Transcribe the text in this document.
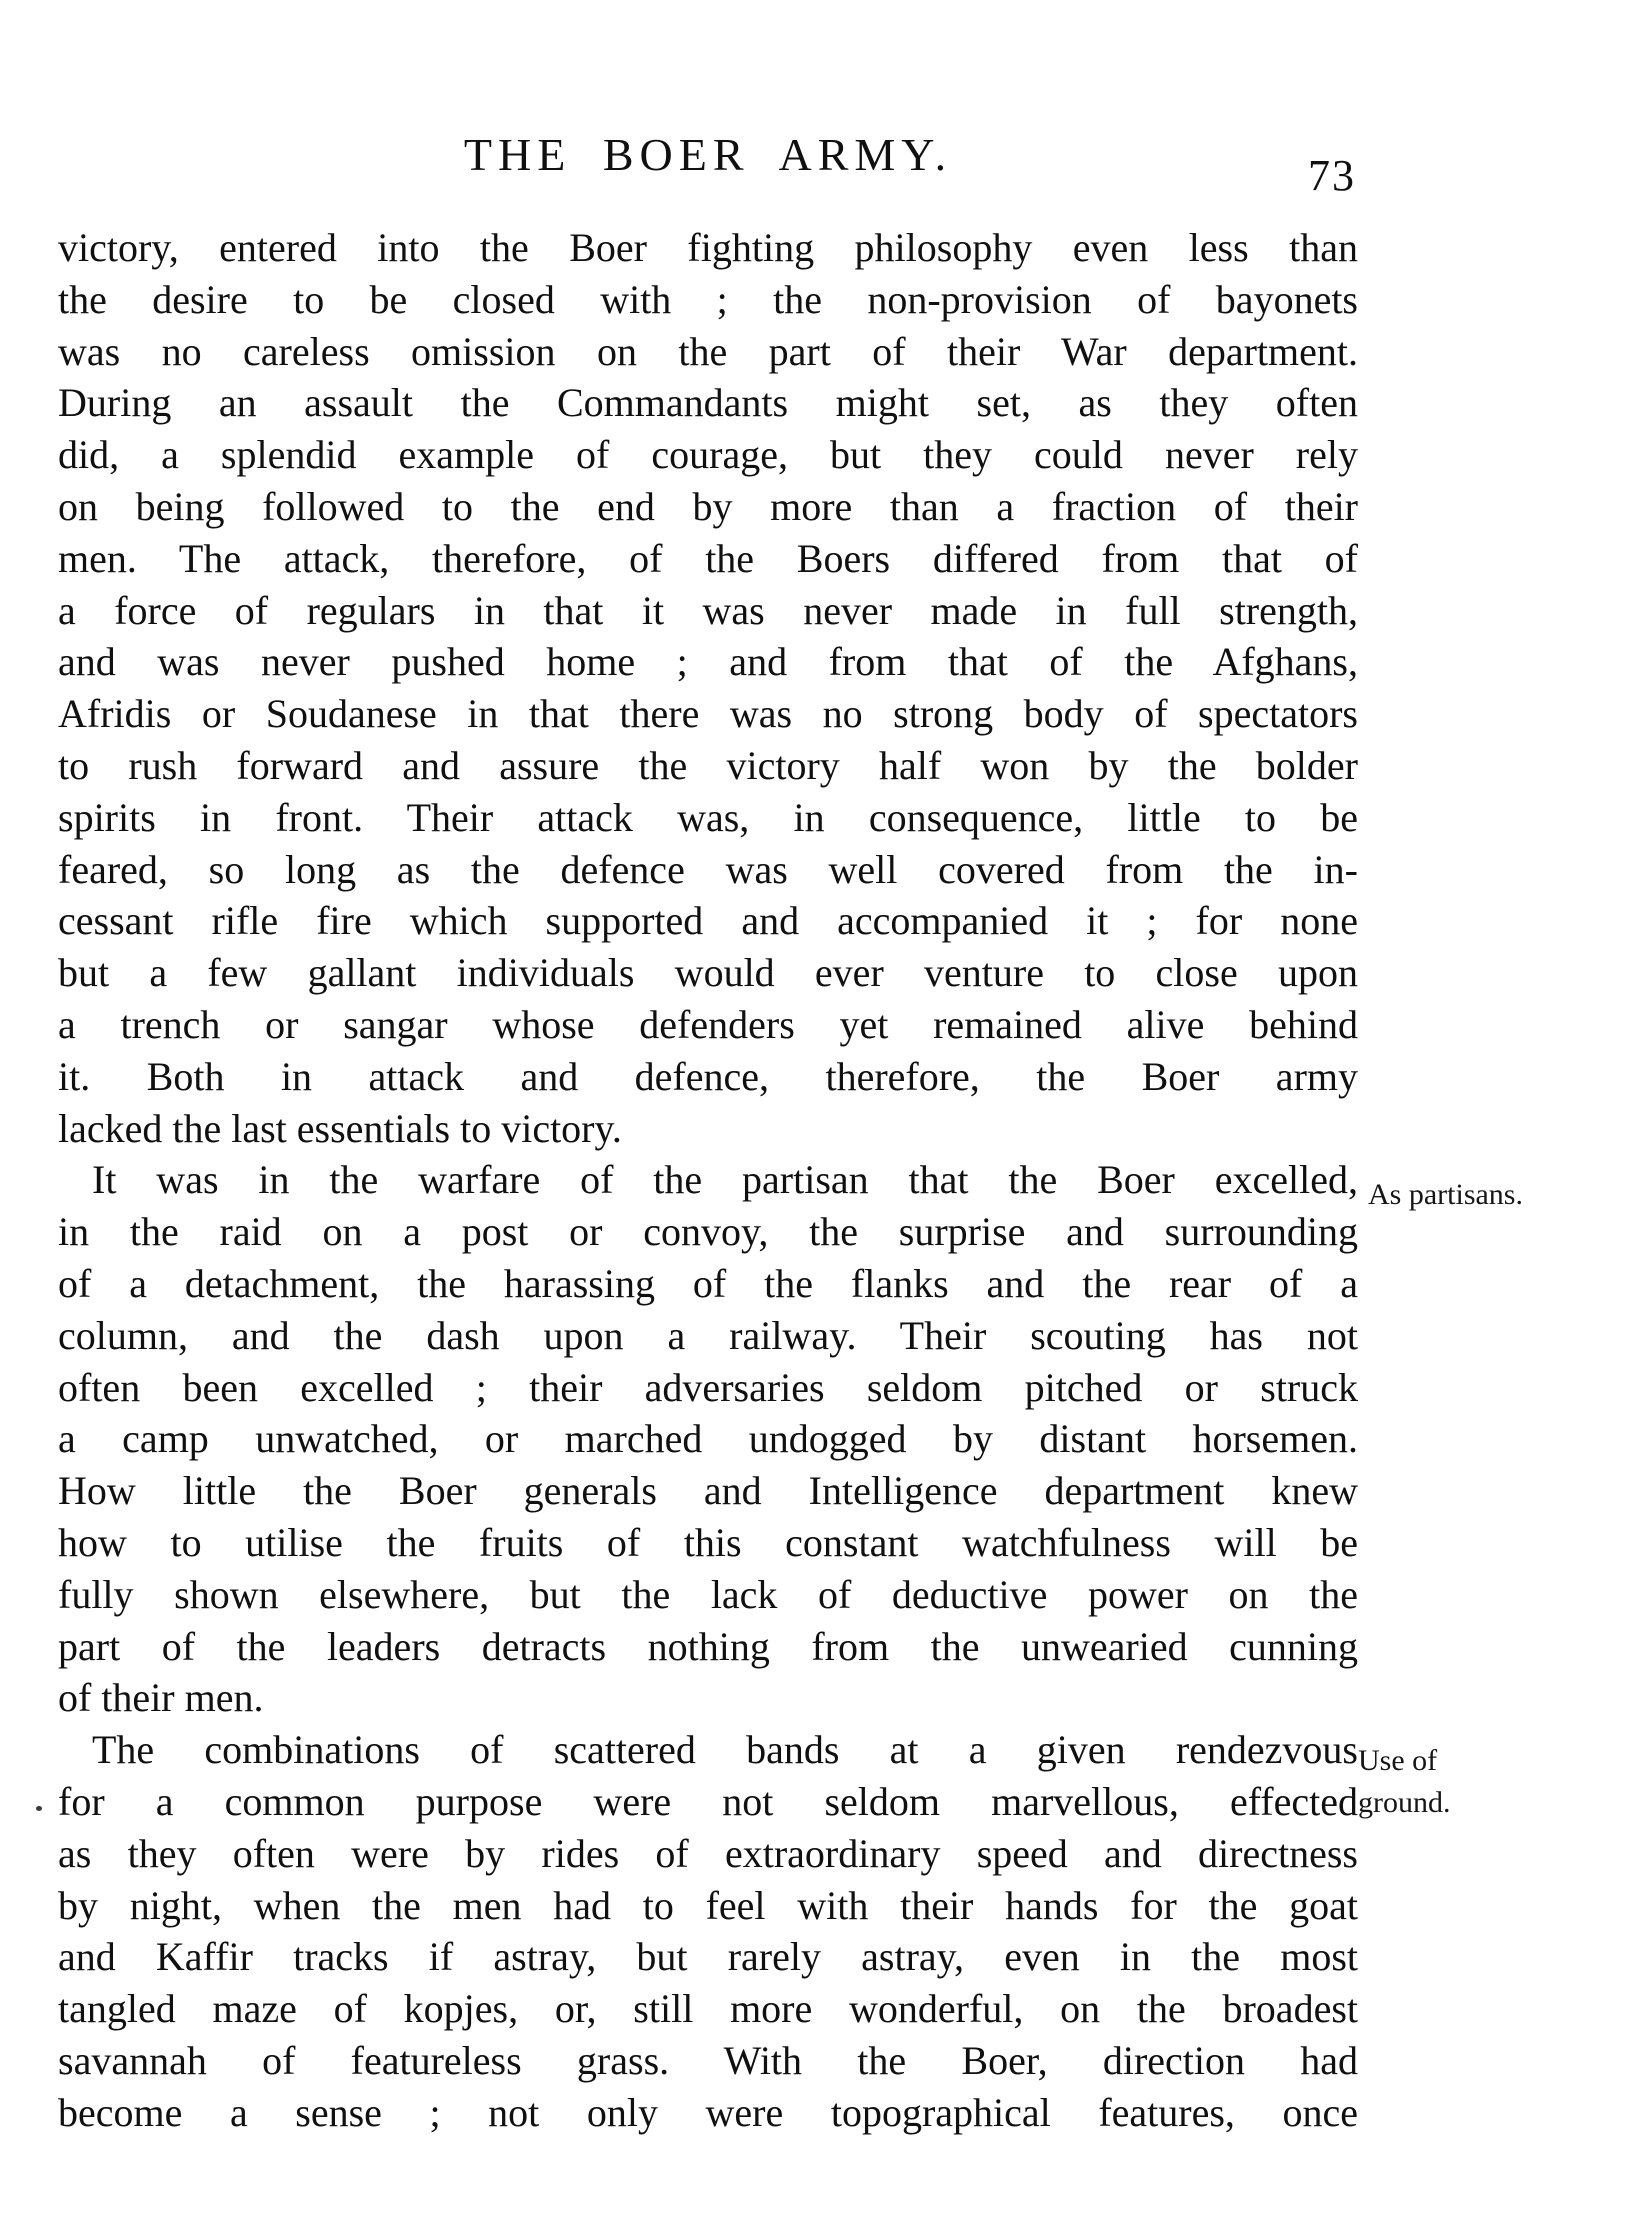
THE BOER ARMY.	73
victory, entered into the Boer fighting philosophy even less than
the desire to be closed with ; the non-provision of bayonets
was no careless omission on the part of their War department.
During an assault the Commandants might set, as they often
did, a splendid example of courage, but they could never rely
on being followed to the end by more than a fraction of their
men. The attack, therefore, of the Boers differed from that of
a force of regulars in that it was never made in full strength,
and was never pushed home ; and from that of the Afghans,
Afridis or Soudanese in that there was no strong body of spectators
to rush forward and assure the victory half won by the bolder
spirits in front. Their attack was, in consequence, little to be
feared, so long as the defence was well covered from the in-
cessant rifle fire which supported and accompanied it ; for none
but a few gallant individuals would ever venture to close upon
a trench or sangar whose defenders yet remained alive behind
it. Both in attack and defence, therefore, the Boer army
lacked the last essentials to victory.
It was in the warfare of the partisan that the Boer excelled,
in the raid on a post or convoy, the surprise and surrounding
of a detachment, the harassing of the flanks and the rear of a
column, and the dash upon a railway. Their scouting has not
often been excelled ; their adversaries seldom pitched or struck
a camp unwatched, or marched undogged by distant horsemen.
How little the Boer generals and Intelligence department knew
how to utilise the fruits of this constant watchfulness will be
fully shown elsewhere, but the lack of deductive power on the
part of the leaders detracts nothing from the unwearied cunning
of their men.
The combinations of scattered bands at a given rendezvous
for a common purpose were not seldom marvellous, effected
as they often were by rides of extraordinary speed and directness
by night, when the men had to feel with their hands for the goat
and Kaffir tracks if astray, but rarely astray, even in the most
tangled maze of kopjes, or, still more wonderful, on the broadest
savannah of featureless grass. With the Boer, direction had
become a sense ; not only were topographical features, once
As partisans.
Use of
ground.
